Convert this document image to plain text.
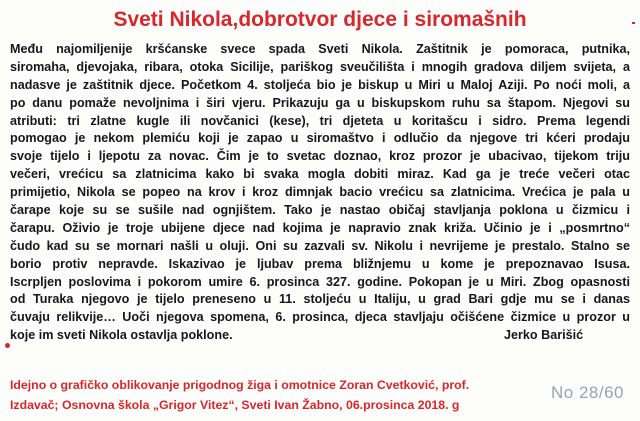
Sveti Nikola,dobrotvor djece i siromašnih
Među najomiljenije kršćanske svece spada Sveti Nikola. Zaštitnik je pomoraca, putnika,
siromaha, djevojaka, ribara, otoka Sicilije, pariškog sveučilišta i mnogih gradova diljem svijeta, a
nadasve je zaštitnik djece. Početkom 4. stoljeća bio je biskup u Miri u Maloj Aziji. Po noći moli, a
po danu pomaže nevoljnima i širi vjeru. Prikazuju ga u biskupskom ruhu sa štapom. Njegovi su
atributi: tri zlatne kugle ili novčanici (kese), tri djeteta u koritašcu i sidro. Prema legendi
pomogao je nekom plemiću koji je zapao u siromaštvo i odlučio da njegove tri kćeri prodaju
svoje tijelo i ljepotu za novac. Čim je to svetac doznao, kroz prozor je ubacivao, tijekom triju
večeri, vrećicu sa zlatnicima kako bi svaka mogla dobiti miraz. Kad ga je treće večeri otac
primijetio, Nikola se popeo na krov i kroz dimnjak bacio vrećicu sa zlatnicima. Vrećica je pala u
čarape koje su se sušile nad ognjištem. Tako je nastao običaj stavljanja poklona u čizmicu i
čarapu. Oživio je troje ubijene djece nad kojima je napravio znak križa. Učinio je i „posmrtno“
čudo kad su se mornari našli u oluji. Oni su zazvali sv. Nikolu i nevrijeme je prestalo. Stalno se
borio protiv nepravde. Iskazivao je ljubav prema bližnjemu u kome je prepoznavao Isusa.
Iscrpljen poslovima i pokorom umire 6. prosinca 327. godine. Pokopan je u Miri. Zbog opasnosti
od Turaka njegovo je tijelo preneseno u 11. stoljeću u Italiju, u grad Bari gdje mu se i danas
čuvaju relikvije… Uoči njegova spomena, 6. prosinca, djeca stavljaju očišćene čizmice u prozor u
koje im sveti Nikola ostavlja poklone.	Jerko Barišić
Idejno o grafičko oblikovanje prigodnog žiga i omotnice Zoran Cvetković, prof.
Izdavač; Osnovna škola „Grigor Vitez“, Sveti Ivan Žabno, 06.prosinca 2018. g
No 28/60
